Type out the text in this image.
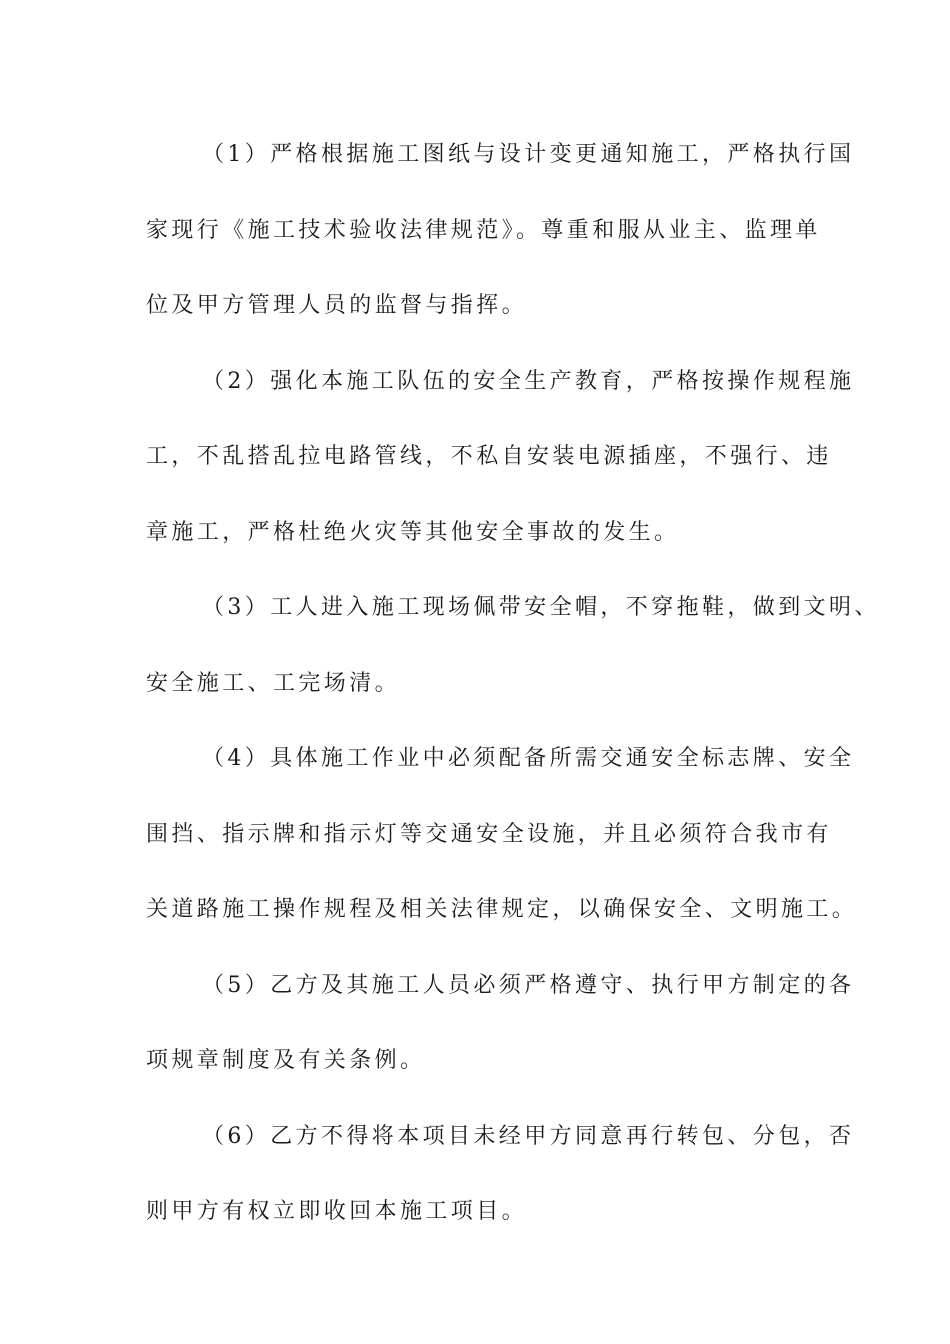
（1）严格根据施工图纸与设计变更通知施工，严格执行国
家现行《施工技术验收法律规范》。尊重和服从业主、监理单
位及甲方管理人员的监督与指挥。
（2）强化本施工队伍的安全生产教育，严格按操作规程施
工，不乱搭乱拉电路管线，不私自安装电源插座，不强行、违
章施工，严格杜绝火灾等其他安全事故的发生。
（3）工人进入施工现场佩带安全帽，不穿拖鞋，做到文明、
安全施工、工完场清。
（4）具体施工作业中必须配备所需交通安全标志牌、安全
围挡、指示牌和指示灯等交通安全设施，并且必须符合我市有
关道路施工操作规程及相关法律规定，以确保安全、文明施工。
（5）乙方及其施工人员必须严格遵守、执行甲方制定的各
项规章制度及有关条例。
（6）乙方不得将本项目未经甲方同意再行转包、分包，否
则甲方有权立即收回本施工项目。
